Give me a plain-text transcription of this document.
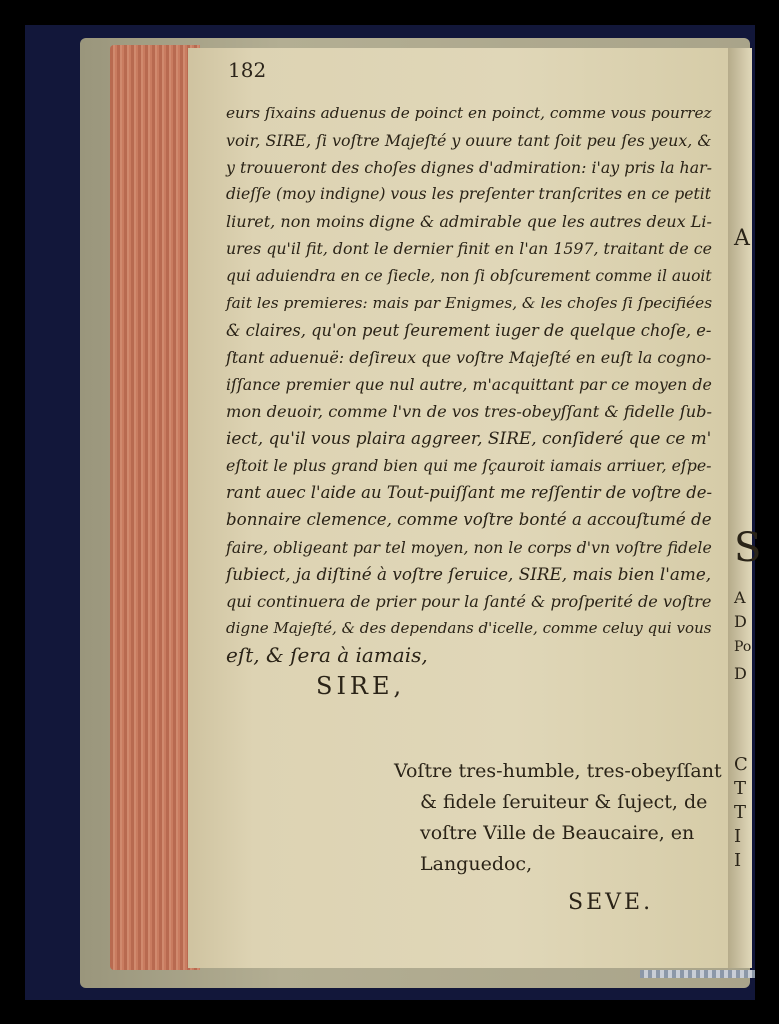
A
S
A
D
Po
D
C
T
T
I
I
182
eurs ſixains aduenus de poinct en poinct, comme vous pourrez
voir, SIRE, ſi voſtre Majeſté y ouure tant ſoit peu ſes yeux, &
y trouueront des choſes dignes d'admiration: i'ay pris la har-
dieſſe (moy indigne) vous les preſenter tranſcrites en ce petit
liuret, non moins digne & admirable que les autres deux Li-
ures qu'il fit, dont le dernier finit en l'an 1597, traitant de ce
qui aduiendra en ce ſiecle, non ſi obſcurement comme il auoit
fait les premieres: mais par Enigmes, & les choſes ſi ſpecifiées
& claires, qu'on peut ſeurement iuger de quelque choſe, e-
ſtant aduenuë: deſireux que voſtre Majeſté en euſt la cogno-
iſſance premier que nul autre, m'acquittant par ce moyen de
mon deuoir, comme l'vn de vos tres-obeyſſant & fidelle ſub-
iect, qu'il vous plaira aggreer, SIRE, conſideré que ce m'
eſtoit le plus grand bien qui me ſçauroit iamais arriuer, eſpe-
rant auec l'aide au Tout-puiſſant me reſſentir de voſtre de-
bonnaire clemence, comme voſtre bonté a accouſtumé de
faire, obligeant par tel moyen, non le corps d'vn voſtre fidele
ſubiect, ja diſtiné à voſtre ſeruice, SIRE, mais bien l'ame,
qui continuera de prier pour la ſanté & proſperité de voſtre
digne Majeſté, & des dependans d'icelle, comme celuy qui vous
eſt, & ſera à iamais,
SIRE,
Voſtre tres-humble, tres-obeyſſant
& fidele ſeruiteur & ſuject, de
voſtre Ville de Beaucaire, en
Languedoc,
SEVE.
